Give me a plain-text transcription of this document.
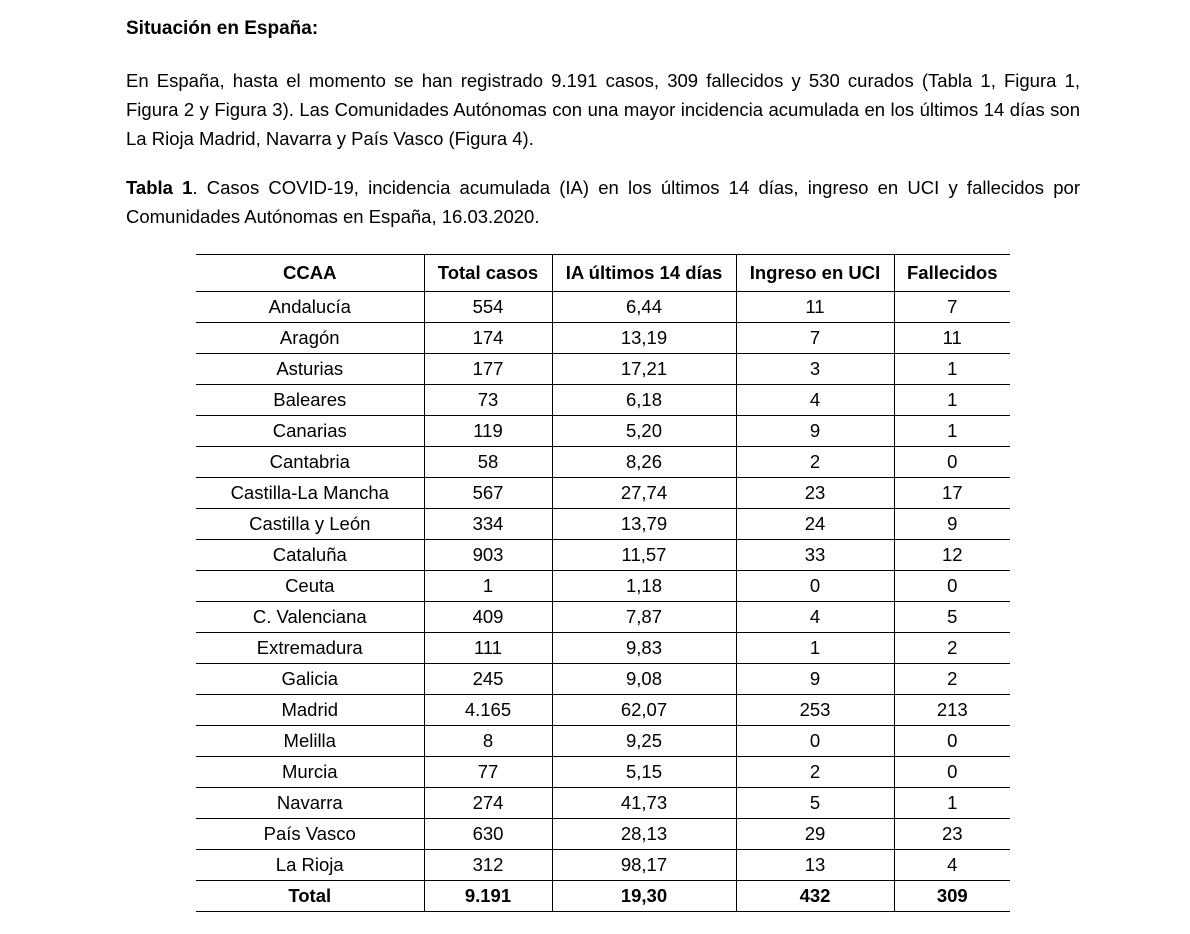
Situación en España:

En España, hasta el momento se han registrado 9.191 casos, 309 fallecidos y 530 curados (Tabla 1, Figura 1, Figura 2 y Figura 3). Las Comunidades Autónomas con una mayor incidencia acumulada en los últimos 14 días son La Rioja Madrid, Navarra y País Vasco (Figura 4).

Tabla 1. Casos COVID-19, incidencia acumulada (IA) en los últimos 14 días, ingreso en UCI y fallecidos por Comunidades Autónomas en España, 16.03.2020.

CCAA	Total casos	IA últimos 14 días	Ingreso en UCI	Fallecidos
Andalucía	554	6,44	11	7
Aragón	174	13,19	7	11
Asturias	177	17,21	3	1
Baleares	73	6,18	4	1
Canarias	119	5,20	9	1
Cantabria	58	8,26	2	0
Castilla-La Mancha	567	27,74	23	17
Castilla y León	334	13,79	24	9
Cataluña	903	11,57	33	12
Ceuta	1	1,18	0	0
C. Valenciana	409	7,87	4	5
Extremadura	111	9,83	1	2
Galicia	245	9,08	9	2
Madrid	4.165	62,07	253	213
Melilla	8	9,25	0	0
Murcia	77	5,15	2	0
Navarra	274	41,73	5	1
País Vasco	630	28,13	29	23
La Rioja	312	98,17	13	4
Total	9.191	19,30	432	309
